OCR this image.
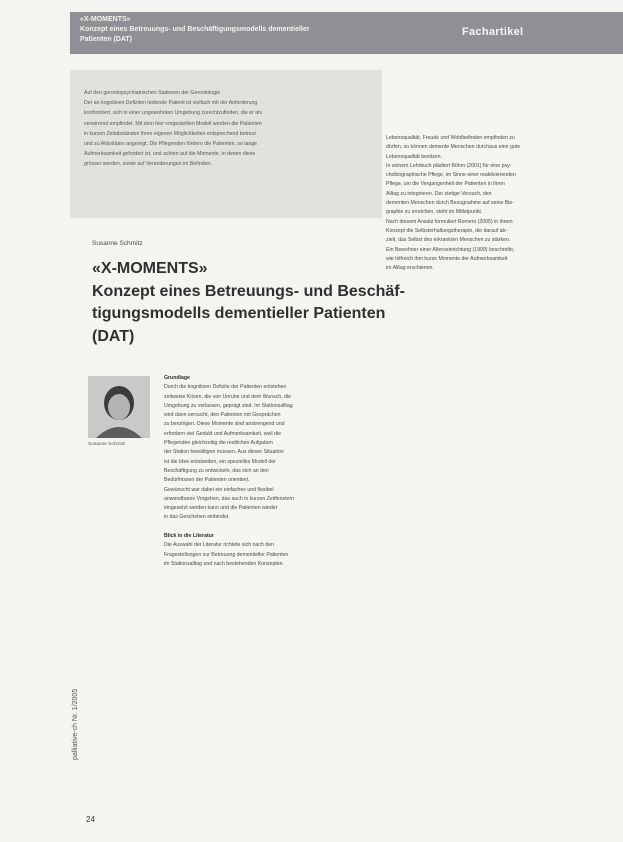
«X-MOMENTS»
Konzept eines Betreuungs- und Beschäftigungsmodells dementieller
Patienten (DAT)
Fachartikel
Auf den gerontopsychiatrischen Stationen der Gerontologie
Der an kognitiven Defiziten leidende Patient ist vielfach mit der Anforderung
konfrontiert, sich in einer ungewohnten Umgebung zurechtzufinden, die er als
verwirrend empfindet. Mit dem hier vorgestellten Modell werden die Patienten
in kurzen Zeitabständen ihren eigenen Möglichkeiten entsprechend betreut
und zu Aktivitäten angeregt. Die Pflegenden fördern die Patienten, so lange
Aufmerksamkeit gefordert ist, und achten auf die Momente, in denen diese
grösser werden, sowie auf Veränderungen im Befinden.
Susanne Schmitz
«X-MOMENTS»
Konzept eines Betreuungs- und Beschäf-
tigungsmodells dementieller Patienten
(DAT)
Susanne Schmitz
Grundlage
Durch die kognitiven Defizite der Patienten entstehen
zeitweise Krisen, die von Unruhe und dem Wunsch, die
Umgebung zu verlassen, geprägt sind. Im Stationsalltag
wird dann versucht, den Patienten mit Gesprächen
zu beruhigen. Diese Momente sind anstrengend und
erfordern viel Geduld und Aufmerksamkeit, weil die
Pflegenden gleichzeitig die restlichen Aufgaben
der Station bewältigen müssen. Aus dieser Situation
ist die Idee entstanden, ein spezielles Modell der
Beschäftigung zu entwickeln, das sich an den
Bedürfnissen der Patienten orientiert.
Gewünscht war dabei ein einfaches und flexibel
anwendbares Vorgehen, das auch in kurzen Zeitfenstern
eingesetzt werden kann und die Patienten wieder
in das Geschehen einbindet.
Blick in die Literatur
Die Auswahl der Literatur richtete sich nach den
Fragestellungen zur Betreuung dementieller Patienten
im Stationsalltag und nach bestehenden Konzepten.
Lebensqualität, Freude und Wohlbefinden empfinden zu
dürfen, so können demente Menschen durchaus eine gute
Lebensqualität besitzen.
In seinem Lehrbuch plädiert Böhm (2001) für eine psy-
chobiographische Pflege, im Sinne einer reaktivierenden
Pflege, um die Vergangenheit der Patienten in ihren
Alltag zu integrieren. Der stetige Versuch, den
dementen Menschen durch Bezugnahme auf seine Bio-
graphie zu erreichen, steht im Mittelpunkt.
Nach diesem Ansatz formuliert Romero (2005) in ihrem
Konzept die Selbsterhaltungstherapie, die darauf ab-
zielt, das Selbst des erkrankten Menschen zu stärken.
Ein Bewohner einer Alterseinrichtung (1999) beschreibt,
wie hilfreich ihm kurze Momente der Aufmerksamkeit
im Alltag erschienen.
palliative-ch Nr. 1/2005
24
